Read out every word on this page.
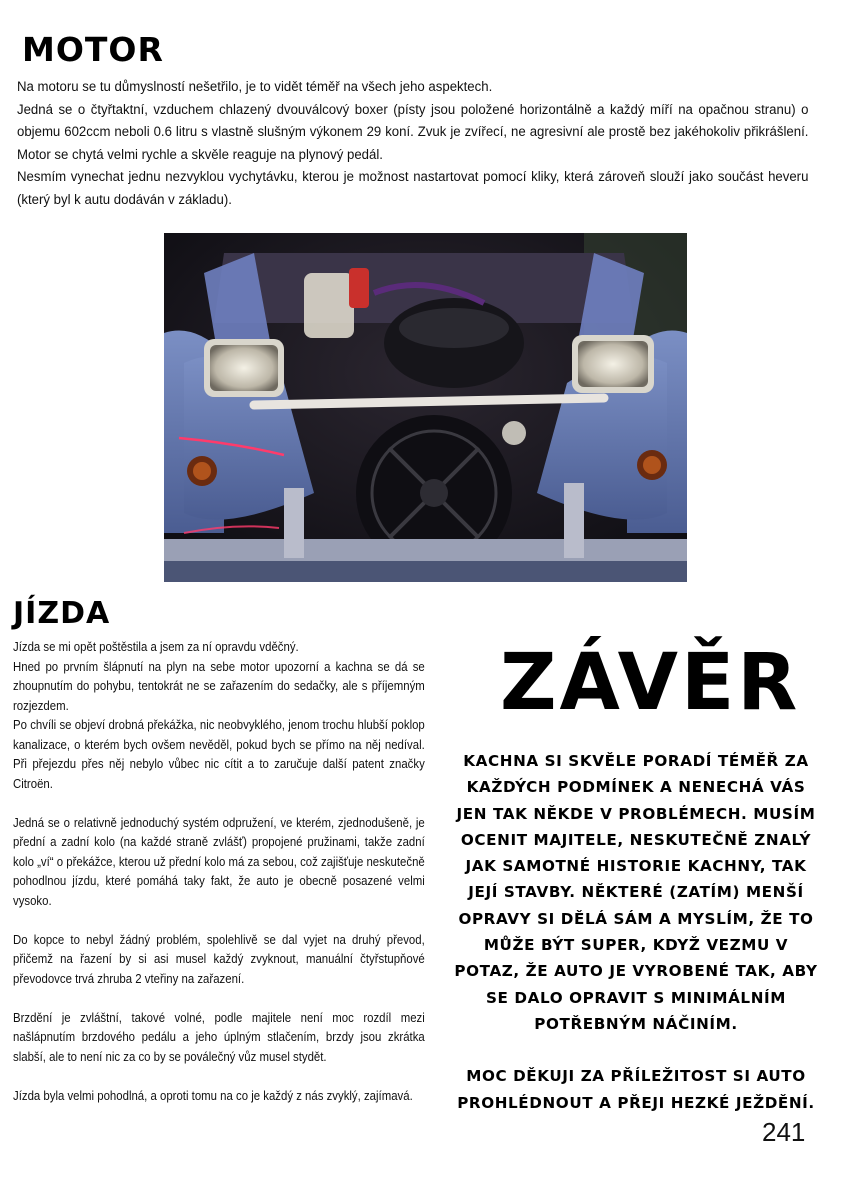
MOTOR

Na motoru se tu důmyslností nešetřilo, je to vidět téměř na všech jeho aspektech.

Jedná se o čtyřtaktní, vzduchem chlazený dvouválcový boxer (písty jsou položené horizontálně a každý míří na opačnou stranu) o objemu 602ccm neboli 0.6 litru s vlastně slušným výkonem 29 koní. Zvuk je zvířecí, ne agresivní ale prostě bez jakéhokoliv přikrášlení. Motor se chytá velmi rychle a skvěle reaguje na plynový pedál.

Nesmím vynechat jednu nezvyklou vychytávku, kterou je možnost nastartovat pomocí kliky, která zároveň slouží jako součást heveru (který byl k autu dodáván v základu).

JÍZDA

Jízda se mi opět poštěstila a jsem za ní opravdu vděčný.

Hned po prvním šlápnutí na plyn na sebe motor upozorní a kachna se dá se zhoupnutím do pohybu, tentokrát ne se zařazením do sedačky, ale s příjemným rozjezdem.

Po chvíli se objeví drobná překážka, nic neobvyklého, jenom trochu hlubší poklop kanalizace, o kterém bych ovšem nevěděl, pokud bych se přímo na něj nedíval. Při přejezdu přes něj nebylo vůbec nic cítit a to zaručuje další patent značky Citroën.

Jedná se o relativně jednoduchý systém odpružení, ve kterém, zjednodušeně, je přední a zadní kolo (na každé straně zvlášť) propojené pružinami, takže zadní kolo „ví“ o překážce, kterou už přední kolo má za sebou, což zajišťuje neskutečně pohodlnou jízdu, které pomáhá taky fakt, že auto je obecně posazené velmi vysoko.

Do kopce to nebyl žádný problém, spolehlivě se dal vyjet na druhý převod, přičemž na řazení by si asi musel každý zvyknout, manuální čtyřstupňové převodovce trvá zhruba 2 vteřiny na zařazení.

Brzdění je zvláštní, takové volné, podle majitele není moc rozdíl mezi našlápnutím brzdového pedálu a jeho úplným stlačením, brzdy jsou zkrátka slabší, ale to není nic za co by se poválečný vůz musel stydět.

Jízda byla velmi pohodlná, a oproti tomu na co je každý z nás zvyklý, zajímavá.

ZÁVĚR

KACHNA SI SKVĚLE PORADÍ TÉMĚŘ ZA KAŽDÝCH PODMÍNEK A NENECHÁ VÁS JEN TAK NĚKDE V PROBLÉMECH. MUSÍM OCENIT MAJITELE, NESKUTEČNĚ ZNALÝ JAK SAMOTNÉ HISTORIE KACHNY, TAK JEJÍ STAVBY. NĚKTERÉ (ZATÍM) MENŠÍ OPRAVY SI DĚLÁ SÁM A MYSLÍM, ŽE TO MŮŽE BÝT SUPER, KDYŽ VEZMU V POTAZ, ŽE AUTO JE VYROBENÉ TAK, ABY SE DALO OPRAVIT S MINIMÁLNÍM POTŘEBNÝM NÁČINÍM.

MOC DĚKUJI ZA PŘÍLEŽITOST SI AUTO PROHLÉDNOUT A PŘEJI HEZKÉ JEŽDĚNÍ.

241
